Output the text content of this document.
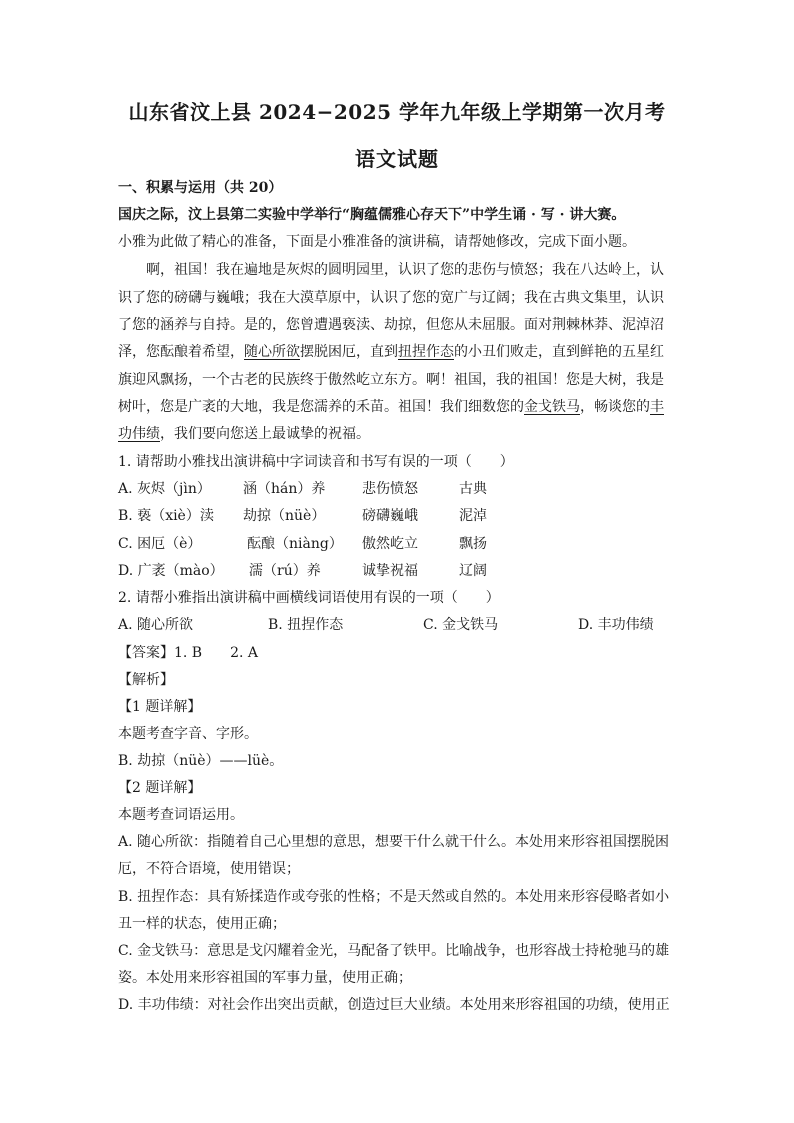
山东省汶上县 2024−2025 学年九年级上学期第一次月考
语文试题
一、积累与运用（共 20）
国庆之际，汶上县第二实验中学举行“胸蕴儒雅心存天下”中学生诵 · 写 · 讲大赛。
小雅为此做了精心的准备，下面是小雅准备的演讲稿，请帮她修改，完成下面小题。
啊，祖国！我在遍地是灰烬的圆明园里，认识了您的悲伤与愤怒；我在八达岭上，认
识了您的磅礴与巍峨；我在大漠草原中，认识了您的宽广与辽阔；我在古典文集里，认识
了您的涵养与自持。是的，您曾遭遇亵渎、劫掠，但您从未屈服。面对荆棘林莽、泥淖沼
泽，您酝酿着希望，随心所欲摆脱困厄，直到扭捏作态的小丑们败走，直到鲜艳的五星红
旗迎风飘扬，一个古老的民族终于傲然屹立东方。啊！祖国，我的祖国！您是大树，我是
树叶，您是广袤的大地，我是您濡养的禾苗。祖国！我们细数您的金戈铁马，畅谈您的丰
功伟绩，我们要向您送上最诚挚的祝福。
1. 请帮助小雅找出演讲稿中字词读音和书写有误的一项（　　）
A. 灰烬（jìn） 涵（hán）养	悲伤愤怒	古典
B. 亵（xiè）渎 劫掠（nüè）	磅礴巍峨	泥淖
C. 困厄（è）	酝酿（niàng） 傲然屹立	飘扬
D. 广袤（mào） 濡（rú）养	诚挚祝福	辽阔
2. 请帮小雅指出演讲稿中画横线词语使用有误的一项（　　）
A. 随心所欲	B. 扭捏作态	C. 金戈铁马	D. 丰功伟绩
【答案】1. B　　2. A
【解析】
【1 题详解】
本题考查字音、字形。
B. 劫掠（nüè）——lüè。
【2 题详解】
本题考查词语运用。
A. 随心所欲：指随着自己心里想的意思，想要干什么就干什么。本处用来形容祖国摆脱困
厄，不符合语境，使用错误；
B. 扭捏作态：具有矫揉造作或夸张的性格；不是天然或自然的。本处用来形容侵略者如小
丑一样的状态，使用正确；
C. 金戈铁马：意思是戈闪耀着金光，马配备了铁甲。比喻战争，也形容战士持枪驰马的雄
姿。本处用来形容祖国的军事力量，使用正确；
D. 丰功伟绩：对社会作出突出贡献，创造过巨大业绩。本处用来形容祖国的功绩，使用正
